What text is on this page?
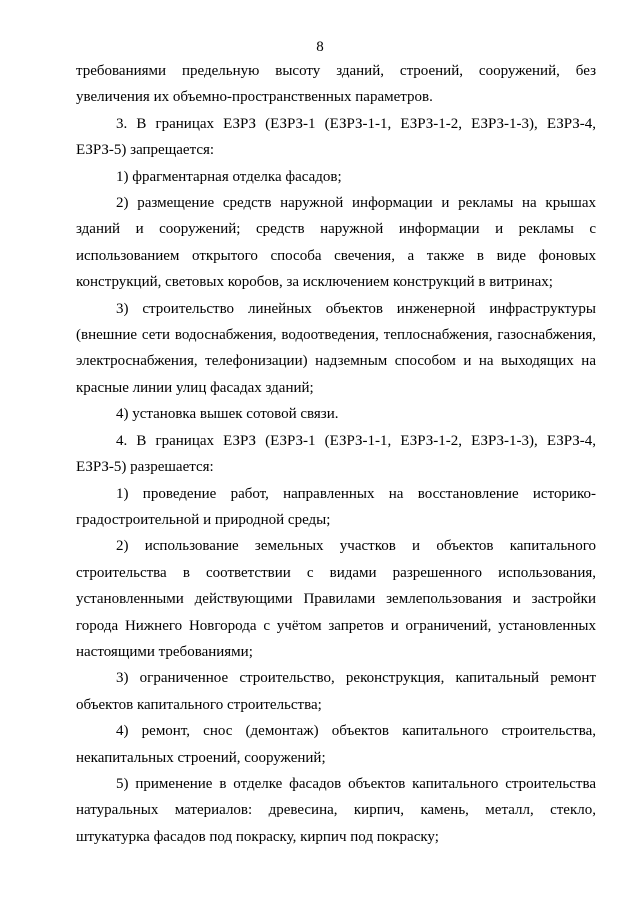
8

требованиями предельную высоту зданий, строений, сооружений, без увеличения их объемно-пространственных параметров.

3. В границах ЕЗРЗ (ЕЗРЗ-1 (ЕЗРЗ-1-1, ЕЗРЗ-1-2, ЕЗРЗ-1-3), ЕЗРЗ-4, ЕЗРЗ-5) запрещается:

1) фрагментарная отделка фасадов;

2) размещение средств наружной информации и рекламы на крышах зданий и сооружений; средств наружной информации и рекламы с использованием открытого способа свечения, а также в виде фоновых конструкций, световых коробов, за исключением конструкций в витринах;

3) строительство линейных объектов инженерной инфраструктуры (внешние сети водоснабжения, водоотведения, теплоснабжения, газоснабжения, электроснабжения, телефонизации) надземным способом и на выходящих на красные линии улиц фасадах зданий;

4) установка вышек сотовой связи.

4. В границах ЕЗРЗ (ЕЗРЗ-1 (ЕЗРЗ-1-1, ЕЗРЗ-1-2, ЕЗРЗ-1-3), ЕЗРЗ-4, ЕЗРЗ-5) разрешается:

1) проведение работ, направленных на восстановление историко-градостроительной и природной среды;

2) использование земельных участков и объектов капитального строительства в соответствии с видами разрешенного использования, установленными действующими Правилами землепользования и застройки города Нижнего Новгорода с учётом запретов и ограничений, установленных настоящими требованиями;

3) ограниченное строительство, реконструкция, капитальный ремонт объектов капитального строительства;

4) ремонт, снос (демонтаж) объектов капитального строительства, некапитальных строений, сооружений;

5) применение в отделке фасадов объектов капитального строительства натуральных материалов: древесина, кирпич, камень, металл, стекло, штукатурка фасадов под покраску, кирпич под покраску;
